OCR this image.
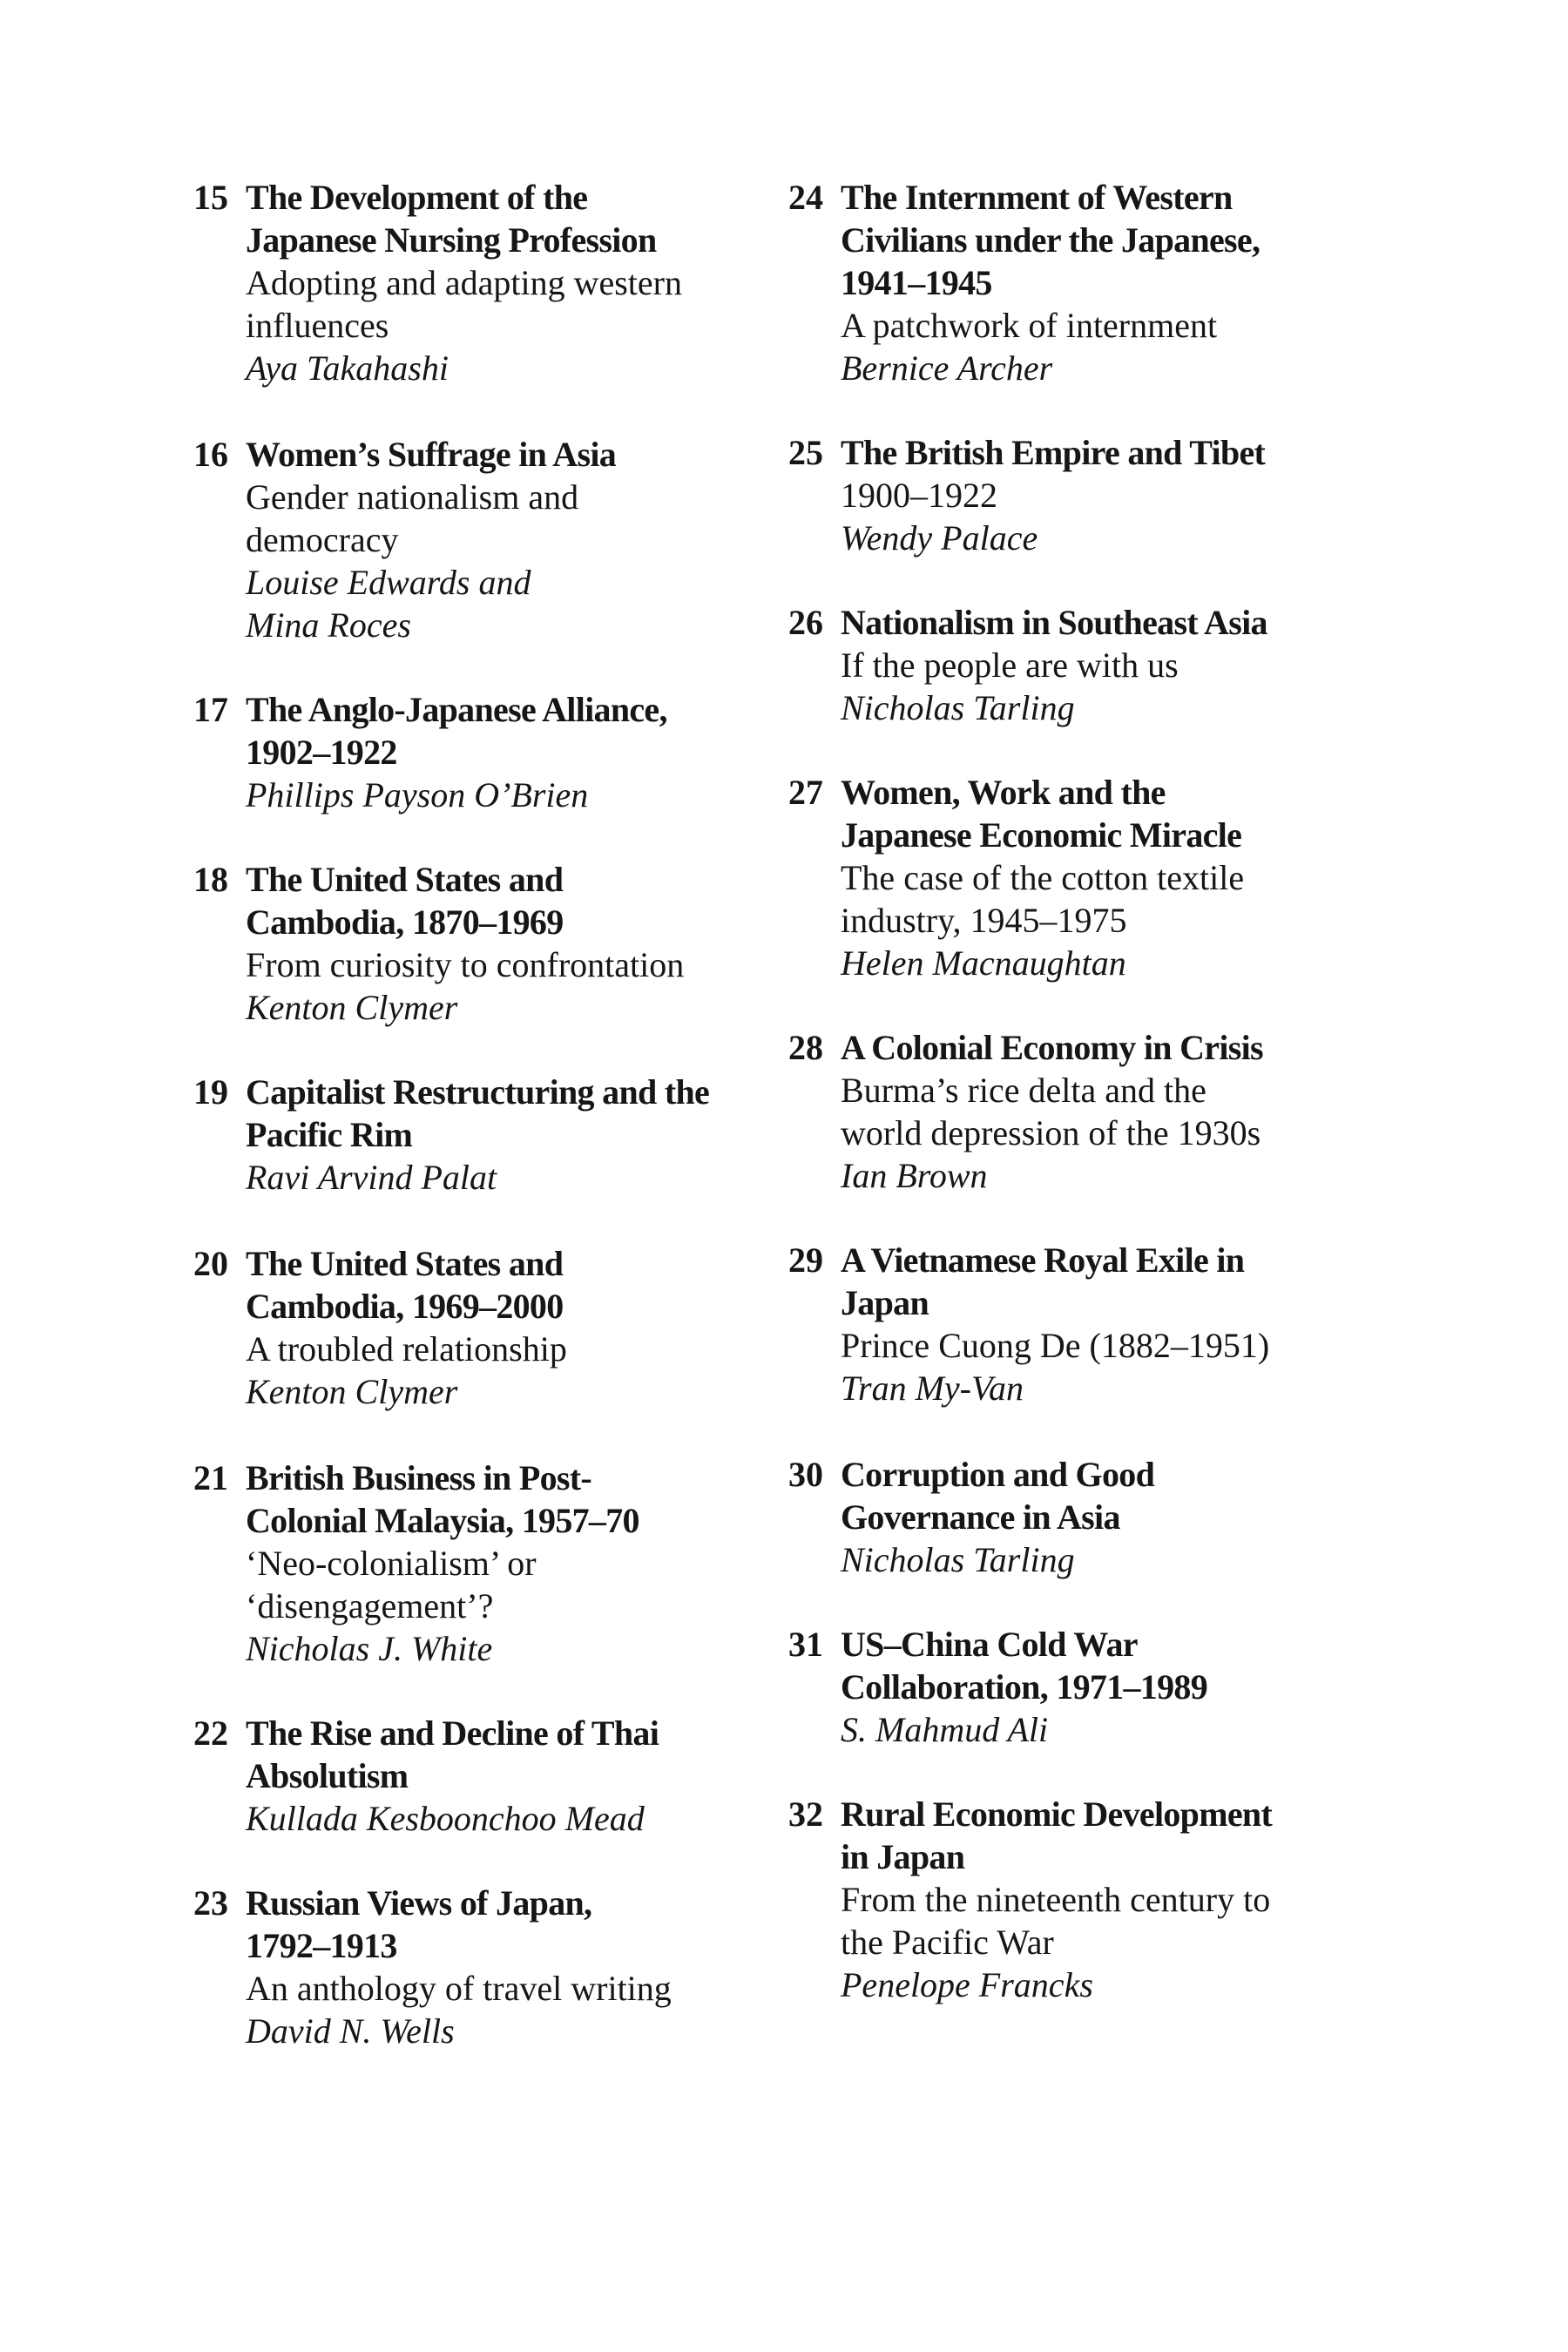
15 The Development of the
Japanese Nursing Profession
Adopting and adapting western
influences
Aya Takahashi
16 Women’s Suffrage in Asia
Gender nationalism and
democracy
Louise Edwards and
Mina Roces
17 The Anglo-Japanese Alliance,
1902–1922
Phillips Payson O’Brien
18 The United States and
Cambodia, 1870–1969
From curiosity to confrontation
Kenton Clymer
19 Capitalist Restructuring and the
Pacific Rim
Ravi Arvind Palat
20 The United States and
Cambodia, 1969–2000
A troubled relationship
Kenton Clymer
21 British Business in Post-
Colonial Malaysia, 1957–70
‘Neo-colonialism’ or
‘disengagement’?
Nicholas J. White
22 The Rise and Decline of Thai
Absolutism
Kullada Kesboonchoo Mead
23 Russian Views of Japan,
1792–1913
An anthology of travel writing
David N. Wells
24 The Internment of Western
Civilians under the Japanese,
1941–1945
A patchwork of internment
Bernice Archer
25 The British Empire and Tibet
1900–1922
Wendy Palace
26 Nationalism in Southeast Asia
If the people are with us
Nicholas Tarling
27 Women, Work and the
Japanese Economic Miracle
The case of the cotton textile
industry, 1945–1975
Helen Macnaughtan
28 A Colonial Economy in Crisis
Burma’s rice delta and the
world depression of the 1930s
Ian Brown
29 A Vietnamese Royal Exile in
Japan
Prince Cuong De (1882–1951)
Tran My-Van
30 Corruption and Good
Governance in Asia
Nicholas Tarling
31 US–China Cold War
Collaboration, 1971–1989
S. Mahmud Ali
32 Rural Economic Development
in Japan
From the nineteenth century to
the Pacific War
Penelope Francks
